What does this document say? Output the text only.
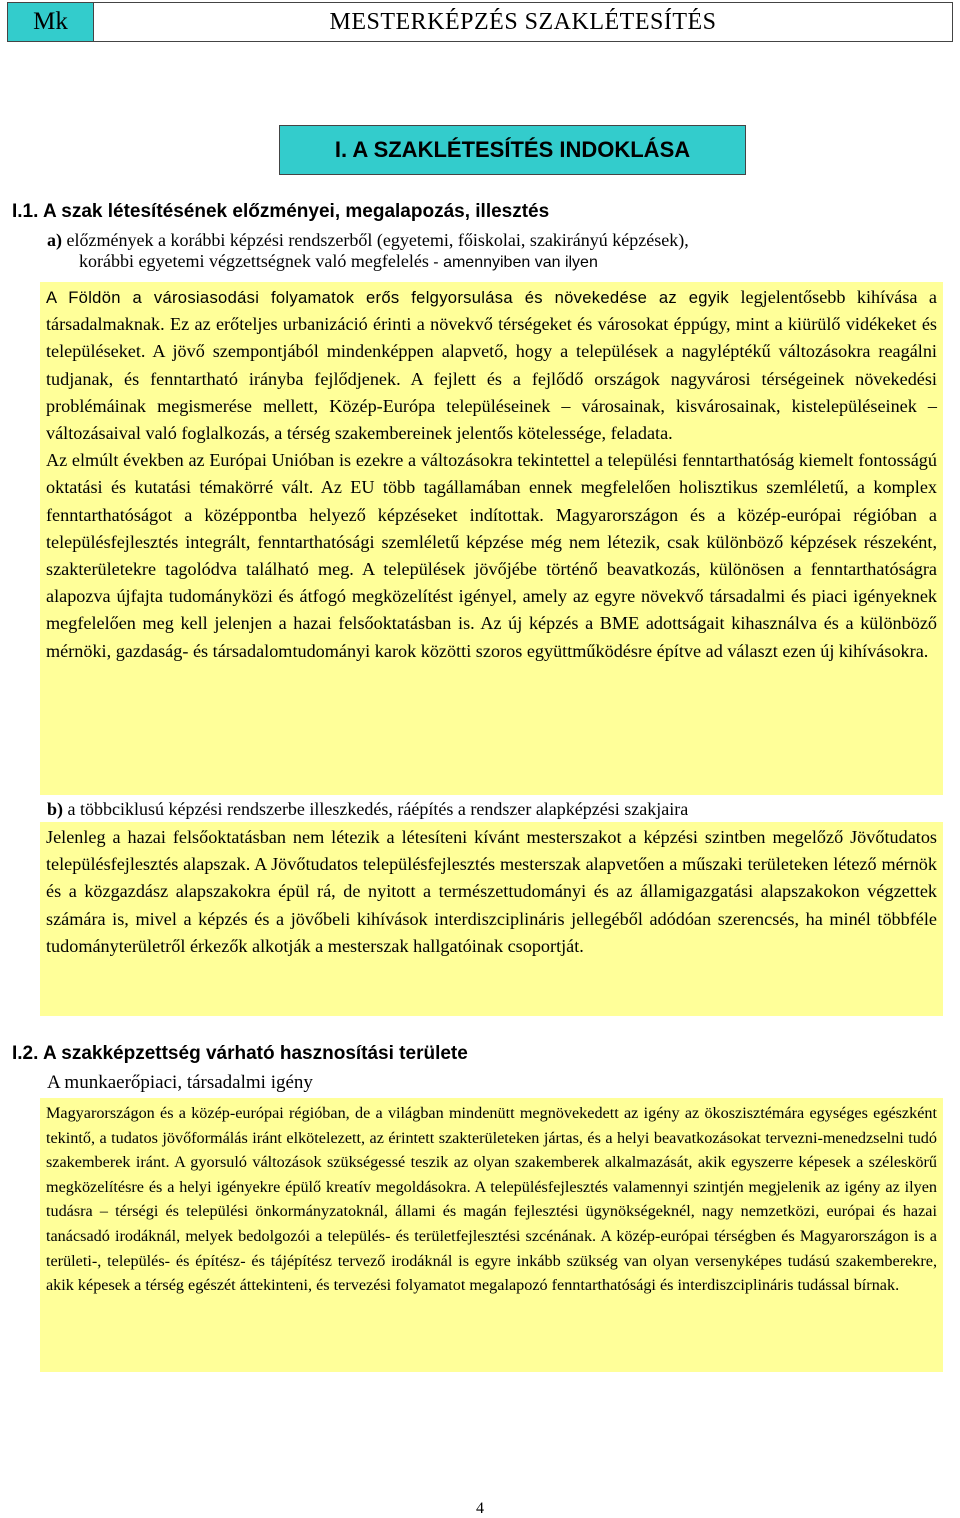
Mk	MESTERKÉPZÉS SZAKLÉTESÍTÉS
I. A SZAKLÉTESÍTÉS INDOKLÁSA
I.1. A szak létesítésének előzményei, megalapozás, illesztés
a) előzmények a korábbi képzési rendszerből (egyetemi, főiskolai, szakirányú képzések),
korábbi egyetemi végzettségnek való megfelelés - amennyiben van ilyen

A Földön a városiasodási folyamatok erős felgyorsulása és növekedése az egyik legjelentősebb kihívása a társadalmaknak. Ez az erőteljes urbanizáció érinti a növekvő térségeket és városokat éppúgy, mint a kiürülő vidékeket és településeket. A jövő szempontjából mindenképpen alapvető, hogy a települések a nagyléptékű változásokra reagálni tudjanak, és fenntartható irányba fejlődjenek. A fejlett és a fejlődő országok nagyvárosi térségeinek növekedési problémáinak megismerése mellett, Közép-Európa településeinek – városainak, kisvárosainak, kistelepüléseinek – változásaival való foglalkozás, a térség szakembereinek jelentős kötelessége, feladata.

Az elmúlt években az Európai Unióban is ezekre a változásokra tekintettel a települési fenntarthatóság kiemelt fontosságú oktatási és kutatási témakörré vált. Az EU több tagállamában ennek megfelelően holisztikus szemléletű, a komplex fenntarthatóságot a középpontba helyező képzéseket indítottak. Magyarországon és a közép-európai régióban a településfejlesztés integrált, fenntarthatósági szemléletű képzése még nem létezik, csak különböző képzések részeként, szakterületekre tagolódva található meg. A települések jövőjébe történő beavatkozás, különösen a fenntarthatóságra alapozva újfajta tudományközi és átfogó megközelítést igényel, amely az egyre növekvő társadalmi és piaci igényeknek megfelelően meg kell jelenjen a hazai felsőoktatásban is. Az új képzés a BME adottságait kihasználva és a különböző mérnöki, gazdaság- és társadalomtudományi karok közötti szoros együttműködésre építve ad választ ezen új kihívásokra.

b) a többciklusú képzési rendszerbe illeszkedés, ráépítés a rendszer alapképzési szakjaira

Jelenleg a hazai felsőoktatásban nem létezik a létesíteni kívánt mesterszakot a képzési szintben megelőző Jövőtudatos településfejlesztés alapszak. A Jövőtudatos településfejlesztés mesterszak alapvetően a műszaki területeken létező mérnök és a közgazdász alapszakokra épül rá, de nyitott a természettudományi és az államigazgatási alapszakokon végzettek számára is, mivel a képzés és a jövőbeli kihívások interdiszciplináris jellegéből adódóan szerencsés, ha minél többféle tudományterületről érkezők alkotják a mesterszak hallgatóinak csoportját.

I.2. A szakképzettség várható hasznosítási területe
A munkaerőpiaci, társadalmi igény

Magyarországon és a közép-európai régióban, de a világban mindenütt megnövekedett az igény az ökoszisztémára egységes egészként tekintő, a tudatos jövőformálás iránt elkötelezett, az érintett szakterületeken jártas, és a helyi beavatkozásokat tervezni-menedzselni tudó szakemberek iránt. A gyorsuló változások szükségessé teszik az olyan szakemberek alkalmazását, akik egyszerre képesek a széleskörű megközelítésre és a helyi igényekre épülő kreatív megoldásokra. A településfejlesztés valamennyi szintjén megjelenik az igény az ilyen tudásra – térségi és települési önkormányzatoknál, állami és magán fejlesztési ügynökségeknél, nagy nemzetközi, európai és hazai tanácsadó irodáknál, melyek bedolgozói a település- és területfejlesztési szcénának. A közép-európai térségben és Magyarországon is a területi-, település- és építész- és tájépítész tervező irodáknál is egyre inkább szükség van olyan versenyképes tudású szakemberekre, akik képesek a térség egészét áttekinteni, és tervezési folyamatot megalapozó fenntarthatósági és interdiszciplináris tudással bírnak.

4
